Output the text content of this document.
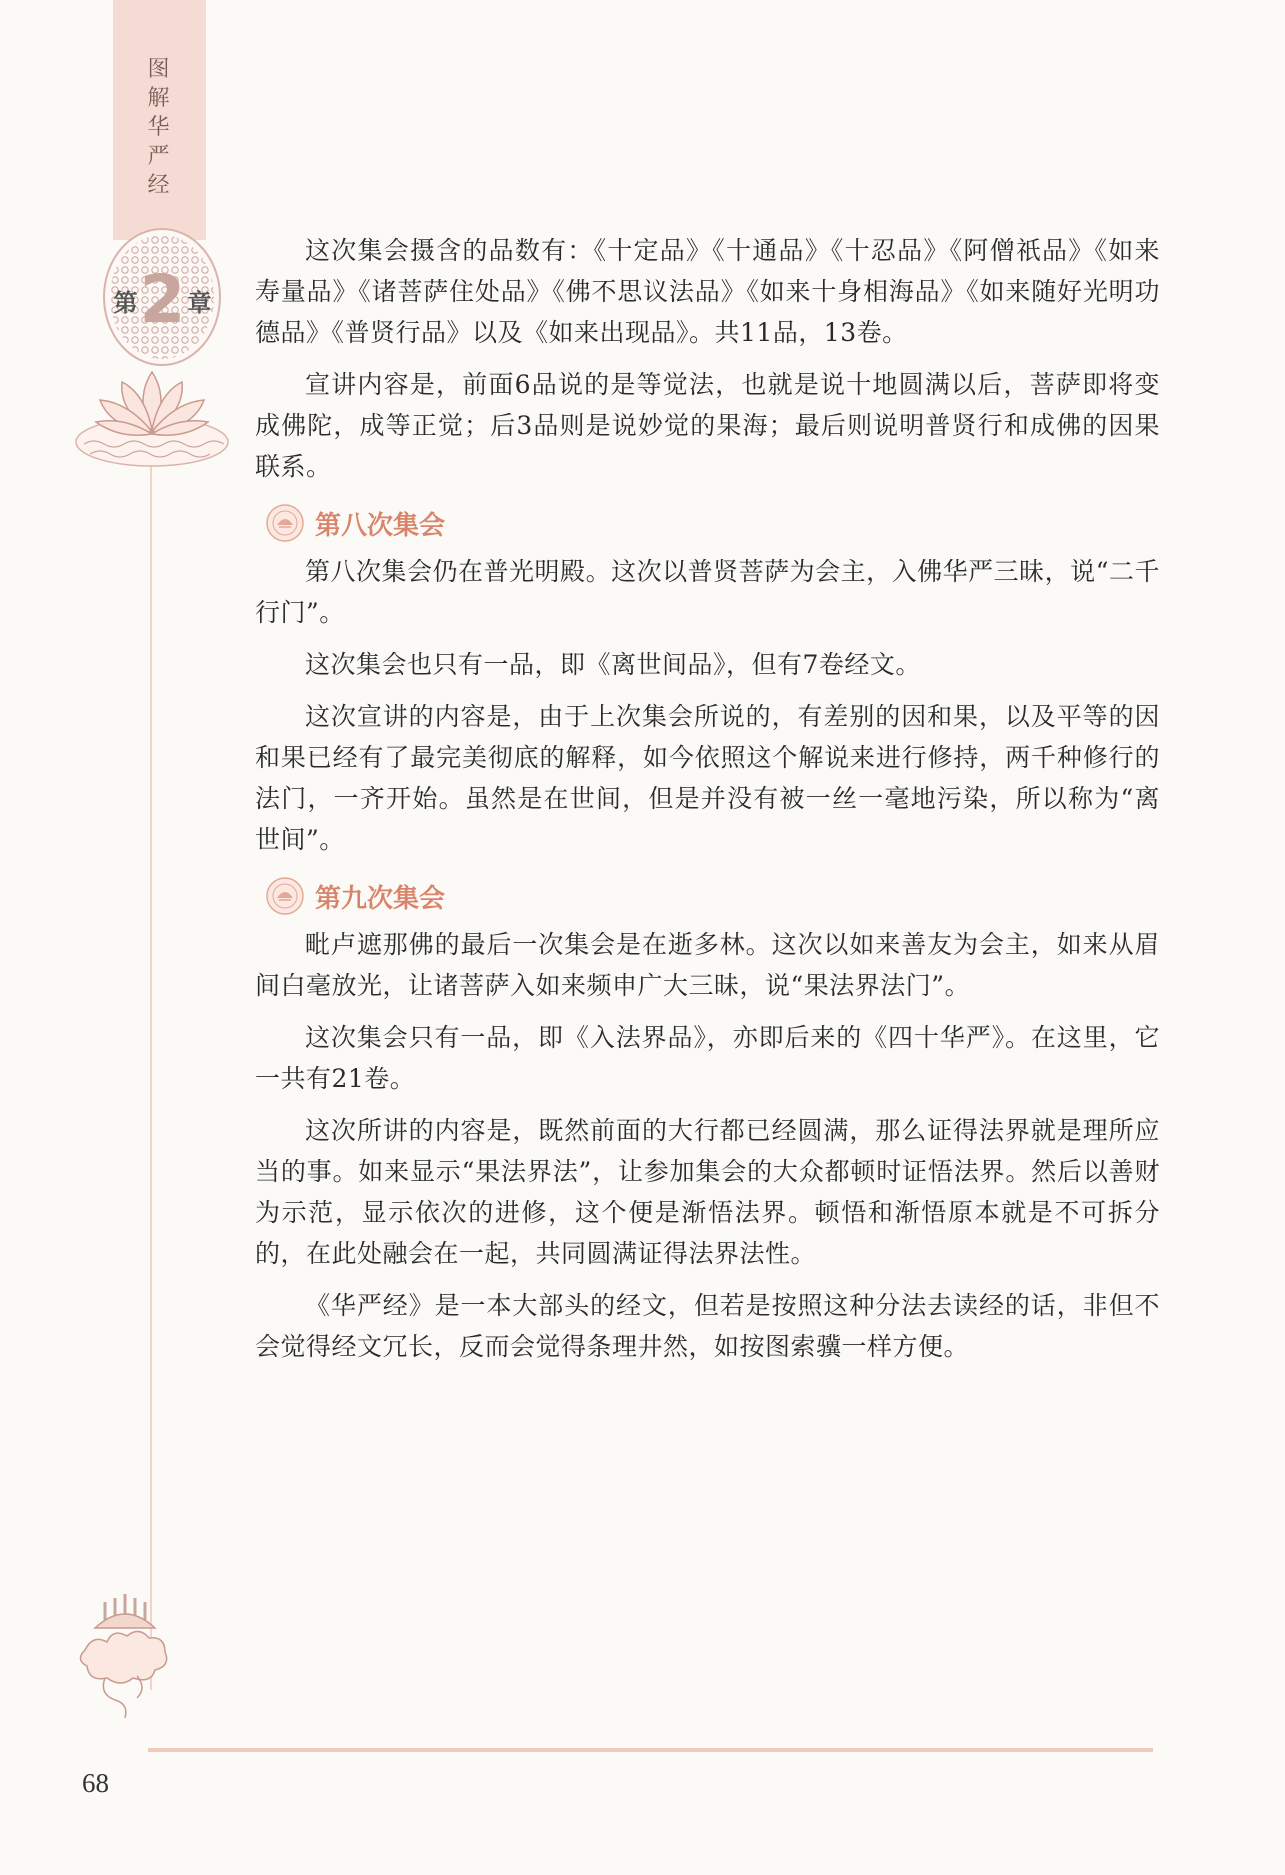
图
解
华
严
经
第 2 章

这次集会摄含的品数有：《十定品》《十通品》《十忍品》《阿僧祇品》《如来寿量品》《诸菩萨住处品》《佛不思议法品》《如来十身相海品》《如来随好光明功德品》《普贤行品》以及《如来出现品》。共11品，13卷。

宣讲内容是，前面6品说的是等觉法，也就是说十地圆满以后，菩萨即将变成佛陀，成等正觉；后3品则是说妙觉的果海；最后则说明普贤行和成佛的因果联系。

第八次集会

第八次集会仍在普光明殿。这次以普贤菩萨为会主，入佛华严三昧，说“二千行门”。

这次集会也只有一品，即《离世间品》，但有7卷经文。

这次宣讲的内容是，由于上次集会所说的，有差别的因和果，以及平等的因和果已经有了最完美彻底的解释，如今依照这个解说来进行修持，两千种修行的法门，一齐开始。虽然是在世间，但是并没有被一丝一毫地污染，所以称为“离世间”。

第九次集会

毗卢遮那佛的最后一次集会是在逝多林。这次以如来善友为会主，如来从眉间白毫放光，让诸菩萨入如来频申广大三昧，说“果法界法门”。

这次集会只有一品，即《入法界品》，亦即后来的《四十华严》。在这里，它一共有21卷。

这次所讲的内容是，既然前面的大行都已经圆满，那么证得法界就是理所应当的事。如来显示“果法界法”，让参加集会的大众都顿时证悟法界。然后以善财为示范，显示依次的进修，这个便是渐悟法界。顿悟和渐悟原本就是不可拆分的，在此处融会在一起，共同圆满证得法界法性。

《华严经》是一本大部头的经文，但若是按照这种分法去读经的话，非但不会觉得经文冗长，反而会觉得条理井然，如按图索骥一样方便。

68
